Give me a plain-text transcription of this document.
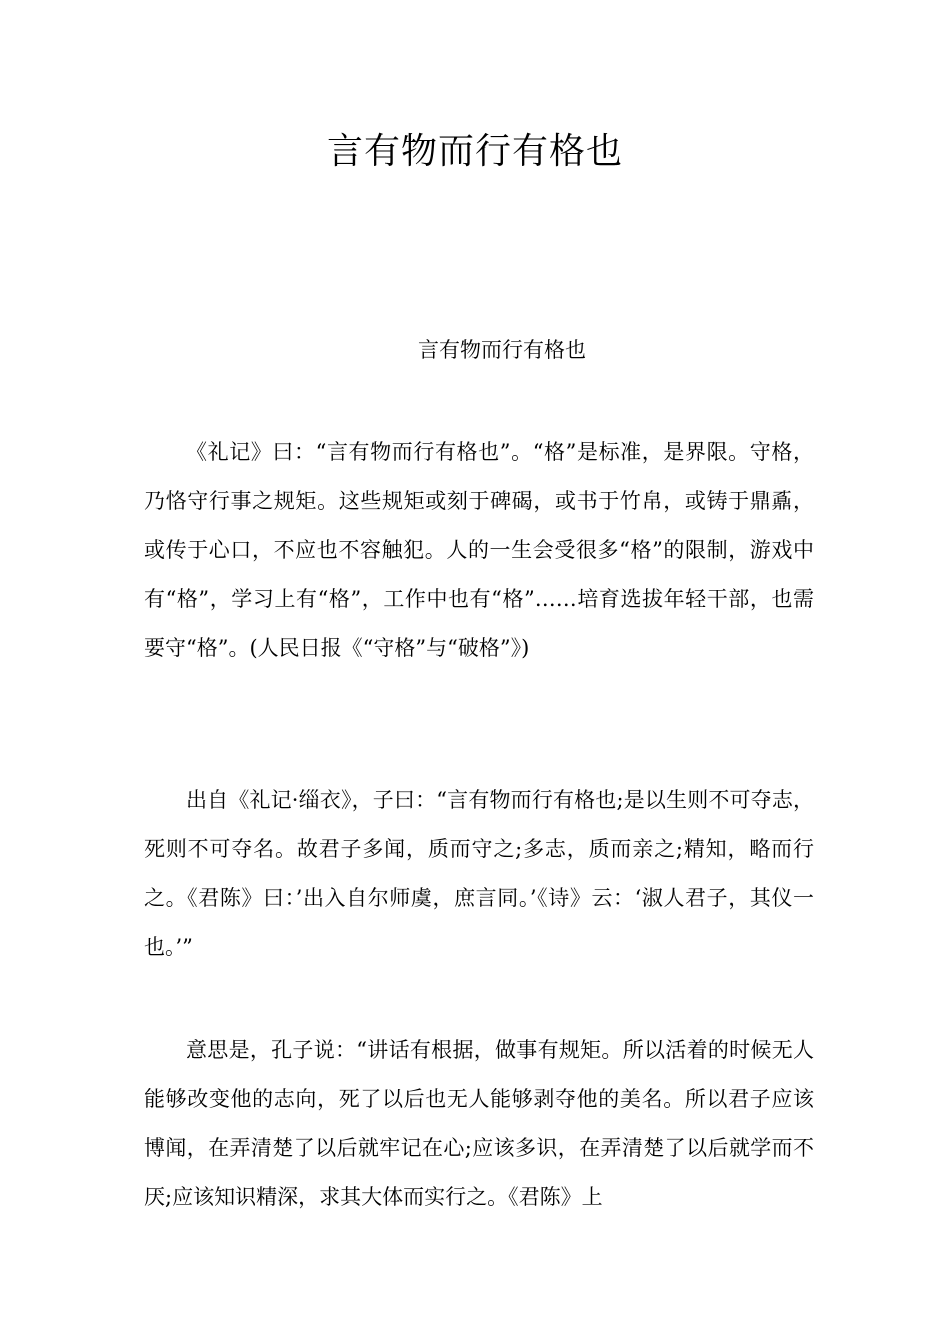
言有物而行有格也
言有物而行有格也

《礼记》曰：“言有物而行有格也”。“格”是标准，是界限。守格，乃恪守行事之规矩。这些规矩或刻于碑碣，或书于竹帛，或铸于鼎鼒，或传于心口，不应也不容触犯。人的一生会受很多“格”的限制，游戏中有“格”，学习上有“格”，工作中也有“格”……培育选拔年轻干部，也需要守“格”。(人民日报《“守格”与“破格”》)

出自《礼记·缁衣》，子曰：“言有物而行有格也;是以生则不可夺志，死则不可夺名。故君子多闻，质而守之;多志，质而亲之;精知，略而行之。《君陈》曰：’出入自尔师虞，庶言同。’《诗》云：‘淑人君子，其仪一也。’”

意思是，孔子说：“讲话有根据，做事有规矩。所以活着的时候无人能够改变他的志向，死了以后也无人能够剥夺他的美名。所以君子应该博闻，在弄清楚了以后就牢记在心;应该多识，在弄清楚了以后就学而不厌;应该知识精深，求其大体而实行之。《君陈》上
